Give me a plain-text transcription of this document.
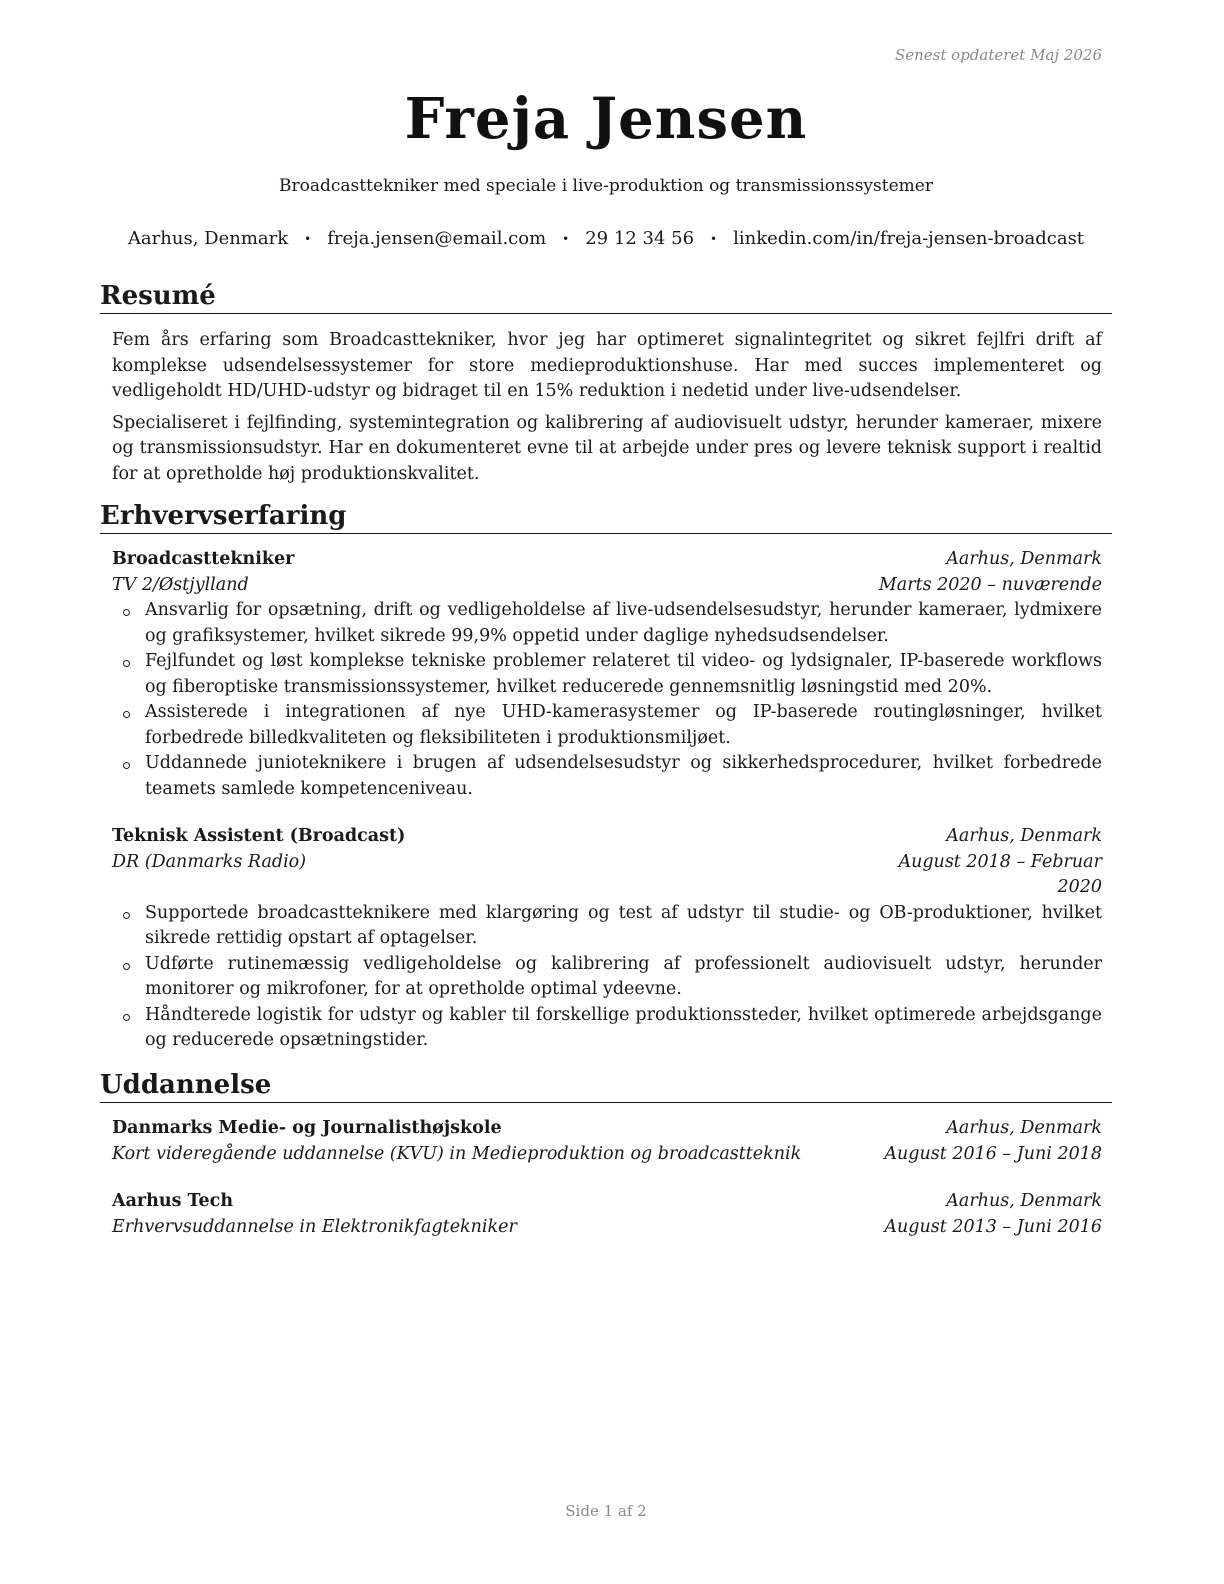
Senest opdateret Maj 2026
Freja Jensen
Broadcasttekniker med speciale i live-produktion og transmissionssystemer
Aarhus, Denmark • freja.jensen@email.com • 29 12 34 56 • linkedin.com/in/freja-jensen-broadcast
Resumé

Fem års erfaring som Broadcasttekniker, hvor jeg har optimeret signalintegritet og sikret fejlfri drift af komplekse udsendelsessystemer for store medieproduktionshuse. Har med succes implementeret og vedligeholdt HD/UHD-udstyr og bidraget til en 15% reduktion i nedetid under live-udsendelser.

Specialiseret i fejlfinding, systemintegration og kalibrering af audiovisuelt udstyr, herunder kameraer, mixere og transmissionsudstyr. Har en dokumenteret evne til at arbejde under pres og levere teknisk support i realtid for at opretholde høj produktionskvalitet.

Erhvervserfaring
Broadcasttekniker	Aarhus, Denmark
TV 2/Østjylland	Marts 2020 – nuværende
Ansvarlig for opsætning, drift og vedligeholdelse af live-udsendelsesudstyr, herunder kameraer, lydmixere og grafiksystemer, hvilket sikrede 99,9% oppetid under daglige nyhedsudsendelser.
Fejlfundet og løst komplekse tekniske problemer relateret til video- og lydsignaler, IP-baserede workflows og fiberoptiske transmissionssystemer, hvilket reducerede gennemsnitlig løsningstid med 20%.
Assisterede i integrationen af nye UHD-kamerasystemer og IP-baserede routingløsninger, hvilket forbedrede billedkvaliteten og fleksibiliteten i produktionsmiljøet.
Uddannede junioteknikere i brugen af udsendelsesudstyr og sikkerhedsprocedurer, hvilket forbedrede teamets samlede kompetenceniveau.
Teknisk Assistent (Broadcast)	Aarhus, Denmark
DR (Danmarks Radio)	August 2018 – Februar 2020
Supportede broadcastteknikere med klargøring og test af udstyr til studie- og OB-produktioner, hvilket sikrede rettidig opstart af optagelser.
Udførte rutinemæssig vedligeholdelse og kalibrering af professionelt audiovisuelt udstyr, herunder monitorer og mikrofoner, for at opretholde optimal ydeevne.
Håndterede logistik for udstyr og kabler til forskellige produktionssteder, hvilket optimerede arbejdsgange og reducerede opsætningstider.
Uddannelse
Danmarks Medie- og Journalisthøjskole	Aarhus, Denmark
Kort videregående uddannelse (KVU) in Medieproduktion og broadcastteknik	August 2016 – Juni 2018
Aarhus Tech	Aarhus, Denmark
Erhvervsuddannelse in Elektronikfagtekniker	August 2013 – Juni 2016
Side 1 af 2
